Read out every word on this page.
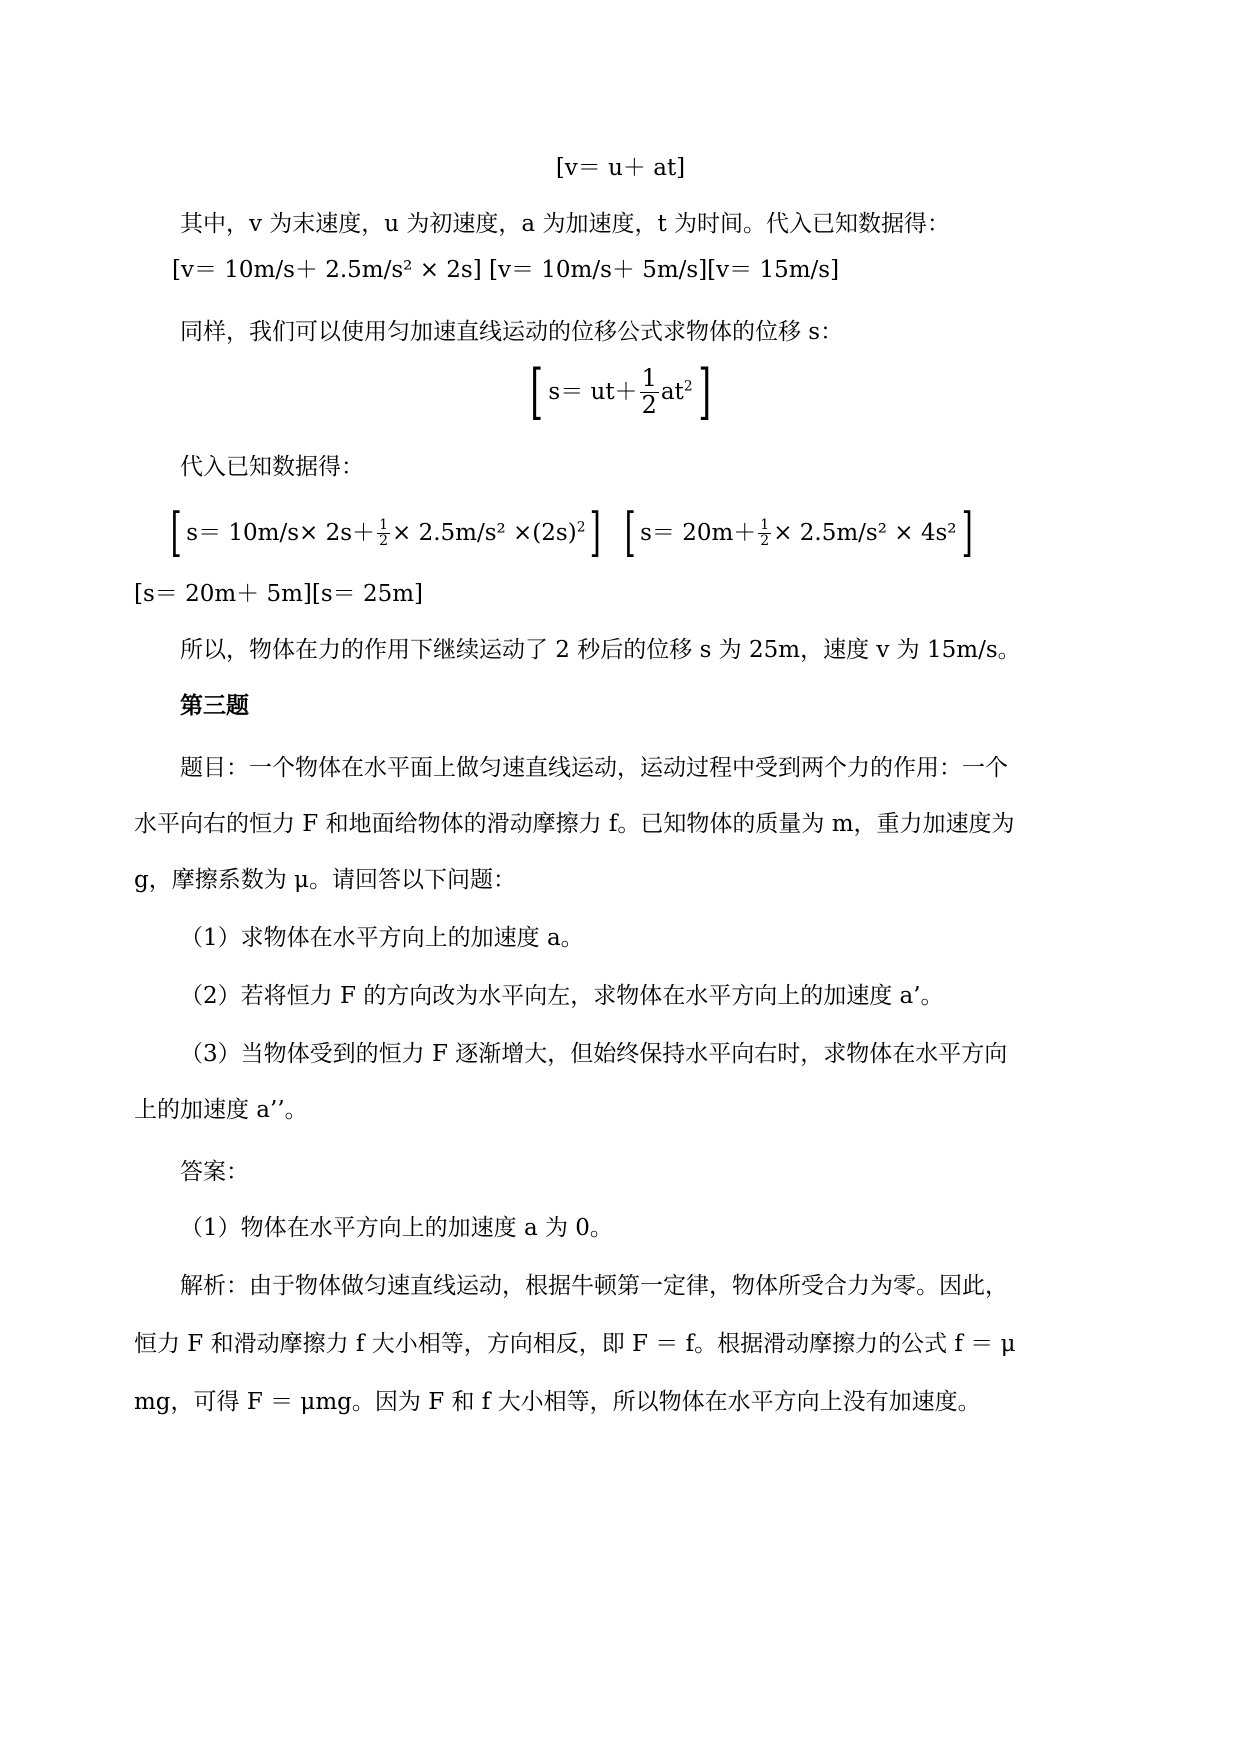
[v＝ u＋ at]
其中，v 为末速度，u 为初速度，a 为加速度，t 为时间。代入已知数据得：
[v＝ 10m/s＋ 2.5m/s² × 2s] [v＝ 10m/s＋ 5m/s][v＝ 15m/s]
同样，我们可以使用匀加速直线运动的位移公式求物体的位移 s：
[ $s= ut+ \frac{1}{2} at^2$ ]
代入已知数据得：
[ $s= 10m/s\times 2s+ \frac{1}{2} \times 2.5m/s^2 \times(2s)^2$ ] [ $s= 20m+ \frac{1}{2} \times 2.5m/s^2 \times 4s^2$ ]
[s＝ 20m＋ 5m][s＝ 25m]
所以，物体在力的作用下继续运动了 2 秒后的位移 s 为 25m，速度 v 为 15m/s。
第三题
题目：一个物体在水平面上做匀速直线运动，运动过程中受到两个力的作用：一个
水平向右的恒力 F 和地面给物体的滑动摩擦力 f。已知物体的质量为 m，重力加速度为
g，摩擦系数为 μ。请回答以下问题：
（1）求物体在水平方向上的加速度 a。
（2）若将恒力 F 的方向改为水平向左，求物体在水平方向上的加速度 a’。
（3）当物体受到的恒力 F 逐渐增大，但始终保持水平向右时，求物体在水平方向
上的加速度 a’’。
答案：
（1）物体在水平方向上的加速度 a 为 0。
解析：由于物体做匀速直线运动，根据牛顿第一定律，物体所受合力为零。因此，
恒力 F 和滑动摩擦力 f 大小相等，方向相反，即 F ＝ f。根据滑动摩擦力的公式 f ＝ μ
mg，可得 F ＝ μmg。因为 F 和 f 大小相等，所以物体在水平方向上没有加速度。
